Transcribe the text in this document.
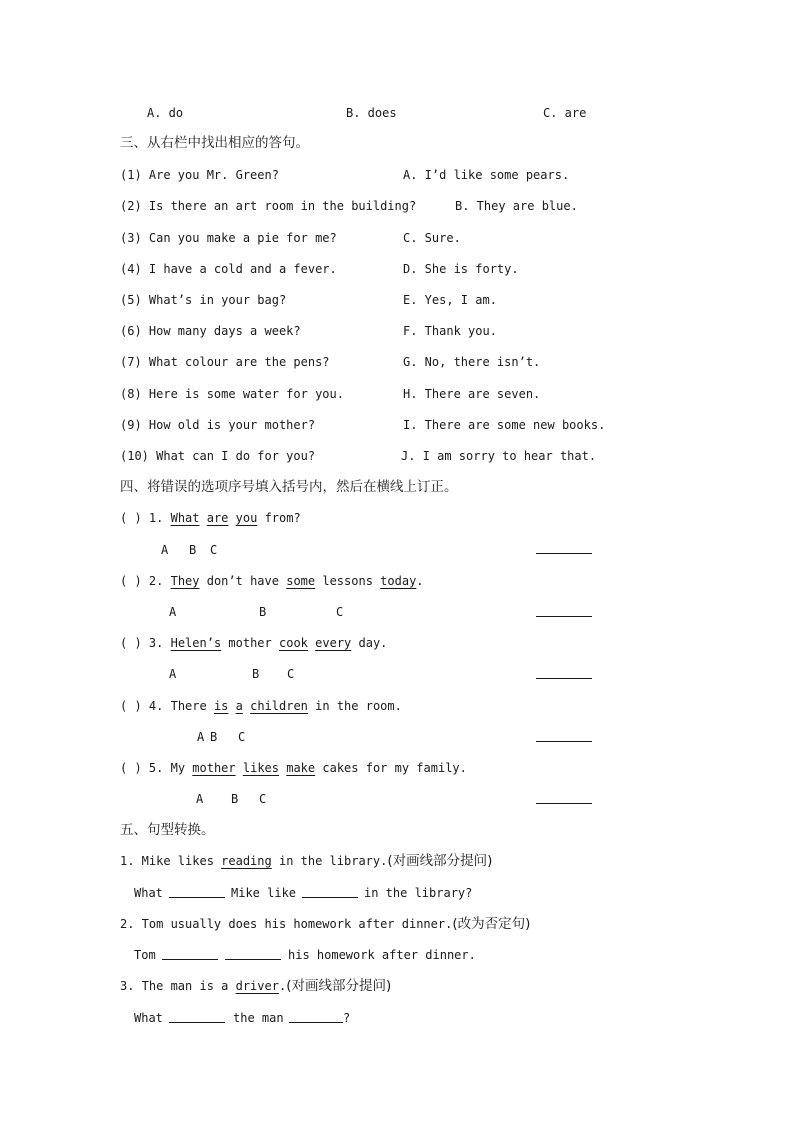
A. do	B. does	C. are
三、从右栏中找出相应的答句。
(1) Are you Mr. Green?	A. I’d like some pears.
(2) Is there an art room in the building?	B. They are blue.
(3) Can you make a pie for me?	C. Sure.
(4) I have a cold and a fever.	D. She is forty.
(5) What’s in your bag?	E. Yes, I am.
(6) How many days a week?	F. Thank you.
(7) What colour are the pens?	G. No, there isn’t.
(8) Here is some water for you.	H. There are seven.
(9) How old is your mother?	I. There are some new books.
(10) What can I do for you?	J. I am sorry to hear that.
四、将错误的选项序号填入括号内，然后在横线上订正。
( ) 1. What are you from?
A B C
( ) 2. They don’t have some lessons today.
A	B	C
( ) 3. Helen’s mother cook every day.
A	B C
( ) 4. There is a children in the room.
A B C
( ) 5. My mother likes make cakes for my family.
A B C
五、句型转换。
1. Mike likes reading in the library.(对画线部分提问)
What	Mike like	in the library?
2. Tom usually does his homework after dinner.(改为否定句)
Tom	his homework after dinner.
3. The man is a driver.(对画线部分提问)
What	the man	?
